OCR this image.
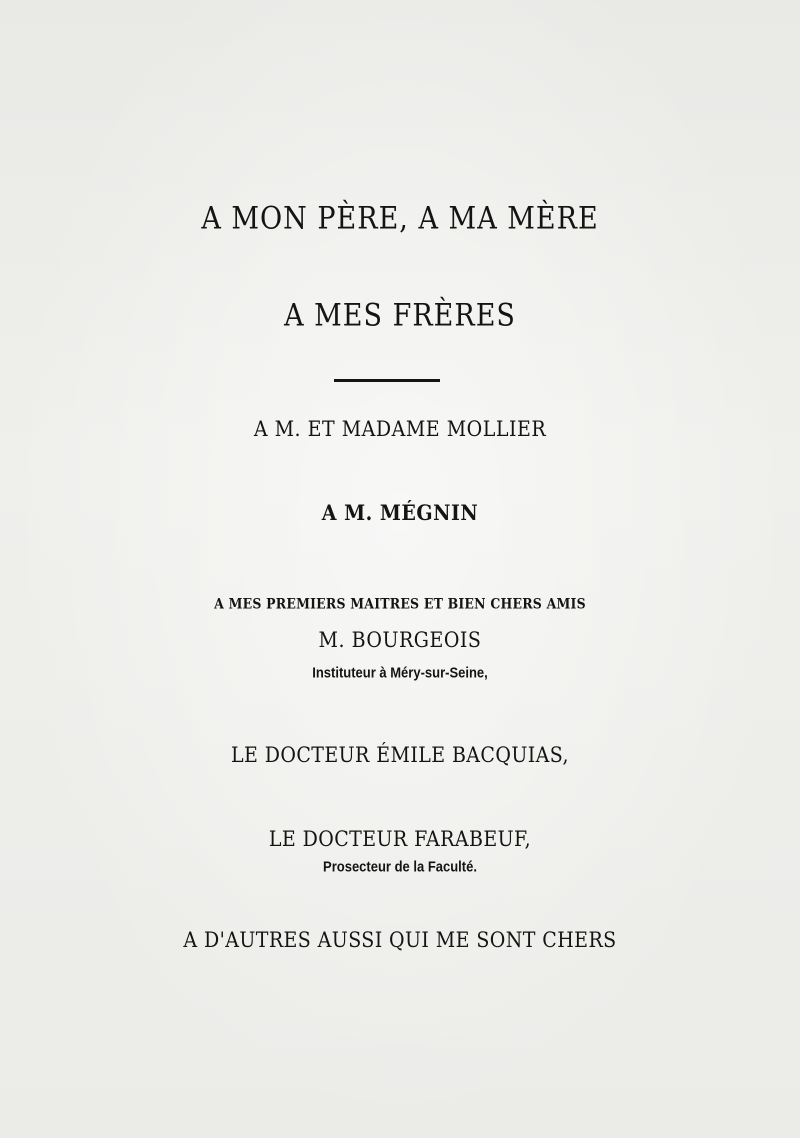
A MON PÈRE, A MA MÈRE
A MES FRÈRES
A M. ET MADAME MOLLIER
A M. MÉGNIN
A MES PREMIERS MAITRES ET BIEN CHERS AMIS
M. BOURGEOIS
Instituteur à Méry-sur-Seine,
LE DOCTEUR ÉMILE BACQUIAS,
LE DOCTEUR FARABEUF,
Prosecteur de la Faculté.
A D'AUTRES AUSSI QUI ME SONT CHERS
